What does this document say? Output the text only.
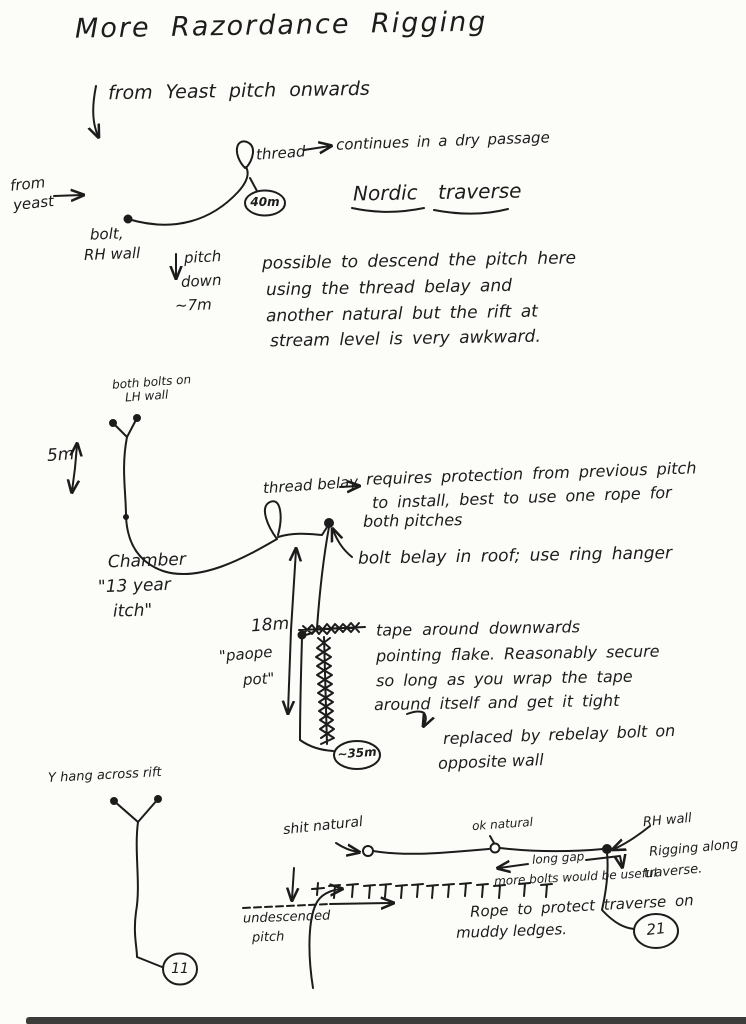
More Razordance Rigging
from Yeast pitch onwards
from
yeast
bolt,
RH wall
thread
40m
continues in a dry passage
Nordic traverse
pitch
down
~7m
possible to descend the pitch here
using the thread belay and
another natural but the rift at
stream level is very awkward.
both bolts on
LH wall
5m
Chamber
"13 year
itch"
thread belay requires protection from previous pitch
to install, best to use one rope for
both pitches
bolt belay in roof; use ring hanger
18m
"paope
pot"
tape around downwards
pointing flake. Reasonably secure
so long as you wrap the tape
around itself and get it tight
replaced by rebelay bolt on
opposite wall
~35m
Y hang across rift
11
shit natural	ok natural	RH wall
Rigging along
traverse.
long gap
more bolts would be useful
undescended
pitch
Rope to protect traverse on
muddy ledges.	21
